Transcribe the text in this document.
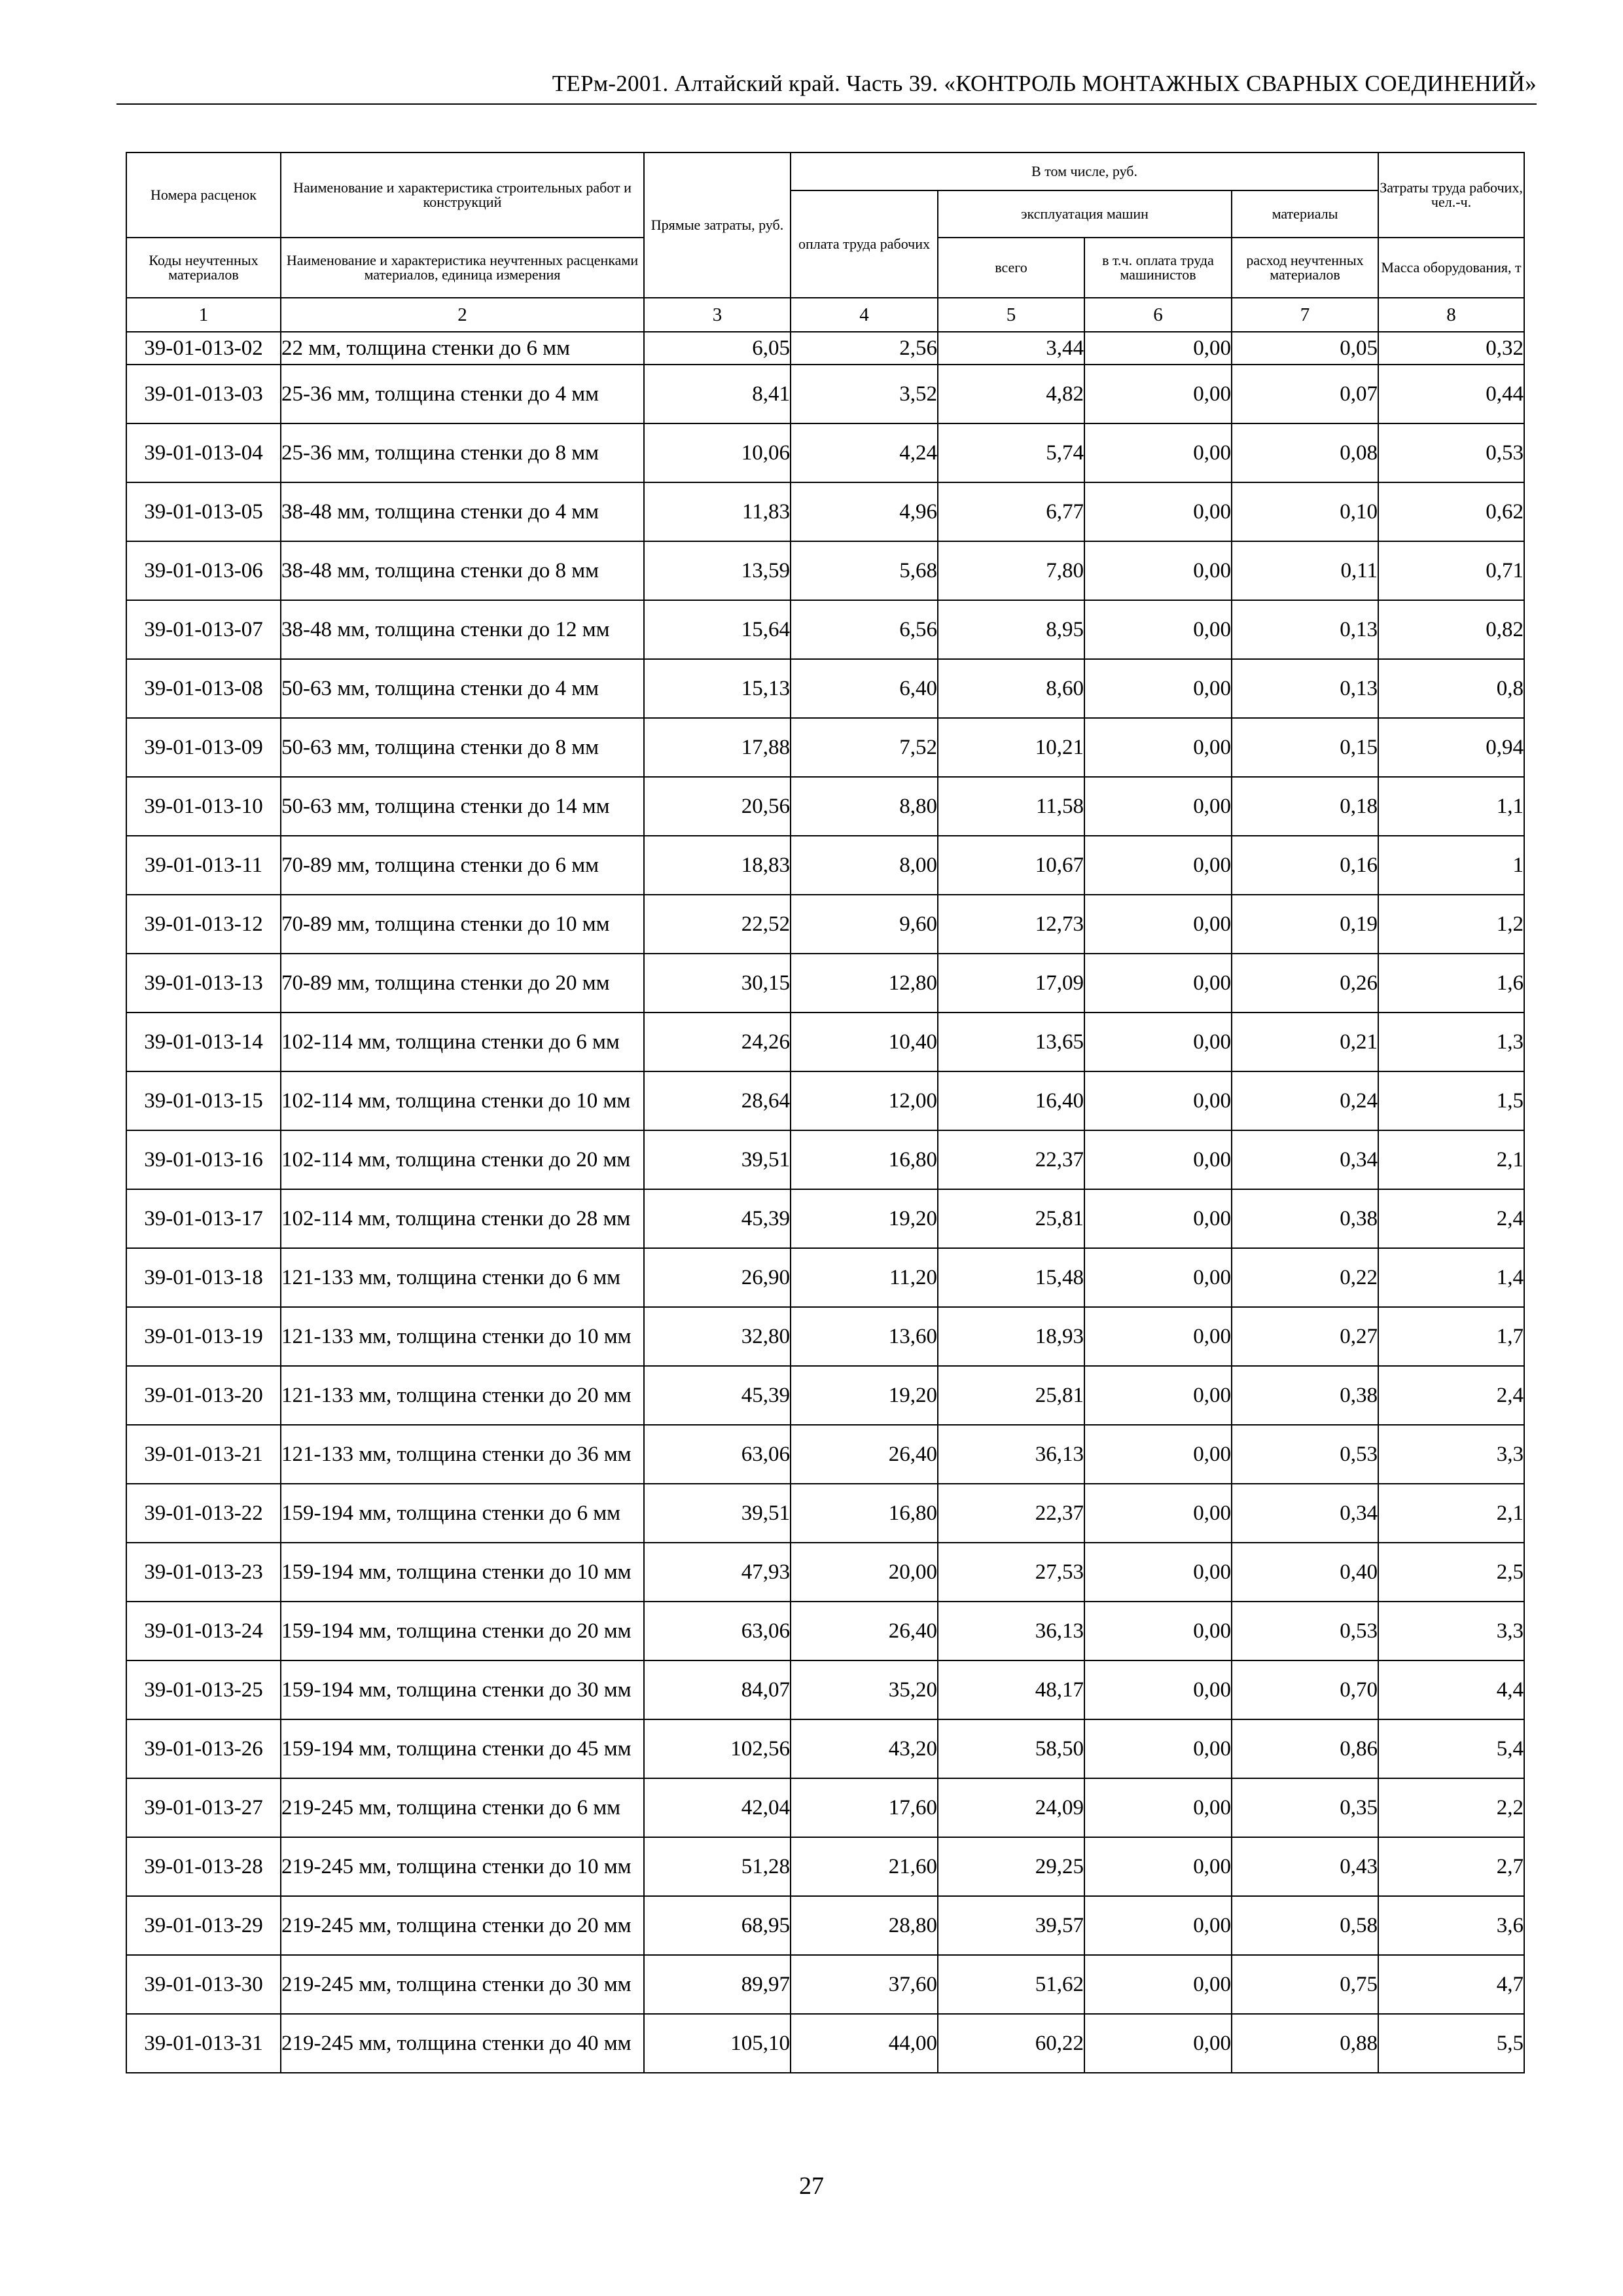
ТЕРм-2001. Алтайский край. Часть 39. «КОНТРОЛЬ МОНТАЖНЫХ СВАРНЫХ СОЕДИНЕНИЙ»
Номера расценок	Наименование и характеристика строительных работ и конструкций	Прямые затраты, руб.	В том числе, руб.				Затраты труда рабочих, чел.-ч.
			оплата труда рабочих	эксплуатация машин		материалы	
Коды неучтенных материалов	Наименование и характеристика неучтенных расценками материалов, единица измерения			всего	в т.ч. оплата труда машинистов	расход неучтенных материалов	Масса оборудования, т
1	2	3	4	5	6	7	8
39-01-013-02	22 мм, толщина стенки до 6 мм	6,05	2,56	3,44	0,00	0,05	0,32
39-01-013-03	25-36 мм, толщина стенки до 4 мм	8,41	3,52	4,82	0,00	0,07	0,44
39-01-013-04	25-36 мм, толщина стенки до 8 мм	10,06	4,24	5,74	0,00	0,08	0,53
39-01-013-05	38-48 мм, толщина стенки до 4 мм	11,83	4,96	6,77	0,00	0,10	0,62
39-01-013-06	38-48 мм, толщина стенки до 8 мм	13,59	5,68	7,80	0,00	0,11	0,71
39-01-013-07	38-48 мм, толщина стенки до 12 мм	15,64	6,56	8,95	0,00	0,13	0,82
39-01-013-08	50-63 мм, толщина стенки до 4 мм	15,13	6,40	8,60	0,00	0,13	0,8
39-01-013-09	50-63 мм, толщина стенки до 8 мм	17,88	7,52	10,21	0,00	0,15	0,94
39-01-013-10	50-63 мм, толщина стенки до 14 мм	20,56	8,80	11,58	0,00	0,18	1,1
39-01-013-11	70-89 мм, толщина стенки до 6 мм	18,83	8,00	10,67	0,00	0,16	1
39-01-013-12	70-89 мм, толщина стенки до 10 мм	22,52	9,60	12,73	0,00	0,19	1,2
39-01-013-13	70-89 мм, толщина стенки до 20 мм	30,15	12,80	17,09	0,00	0,26	1,6
39-01-013-14	102-114 мм, толщина стенки до 6 мм	24,26	10,40	13,65	0,00	0,21	1,3
39-01-013-15	102-114 мм, толщина стенки до 10 мм	28,64	12,00	16,40	0,00	0,24	1,5
39-01-013-16	102-114 мм, толщина стенки до 20 мм	39,51	16,80	22,37	0,00	0,34	2,1
39-01-013-17	102-114 мм, толщина стенки до 28 мм	45,39	19,20	25,81	0,00	0,38	2,4
39-01-013-18	121-133 мм, толщина стенки до 6 мм	26,90	11,20	15,48	0,00	0,22	1,4
39-01-013-19	121-133 мм, толщина стенки до 10 мм	32,80	13,60	18,93	0,00	0,27	1,7
39-01-013-20	121-133 мм, толщина стенки до 20 мм	45,39	19,20	25,81	0,00	0,38	2,4
39-01-013-21	121-133 мм, толщина стенки до 36 мм	63,06	26,40	36,13	0,00	0,53	3,3
39-01-013-22	159-194 мм, толщина стенки до 6 мм	39,51	16,80	22,37	0,00	0,34	2,1
39-01-013-23	159-194 мм, толщина стенки до 10 мм	47,93	20,00	27,53	0,00	0,40	2,5
39-01-013-24	159-194 мм, толщина стенки до 20 мм	63,06	26,40	36,13	0,00	0,53	3,3
39-01-013-25	159-194 мм, толщина стенки до 30 мм	84,07	35,20	48,17	0,00	0,70	4,4
39-01-013-26	159-194 мм, толщина стенки до 45 мм	102,56	43,20	58,50	0,00	0,86	5,4
39-01-013-27	219-245 мм, толщина стенки до 6 мм	42,04	17,60	24,09	0,00	0,35	2,2
39-01-013-28	219-245 мм, толщина стенки до 10 мм	51,28	21,60	29,25	0,00	0,43	2,7
39-01-013-29	219-245 мм, толщина стенки до 20 мм	68,95	28,80	39,57	0,00	0,58	3,6
39-01-013-30	219-245 мм, толщина стенки до 30 мм	89,97	37,60	51,62	0,00	0,75	4,7
39-01-013-31	219-245 мм, толщина стенки до 40 мм	105,10	44,00	60,22	0,00	0,88	5,5
27
